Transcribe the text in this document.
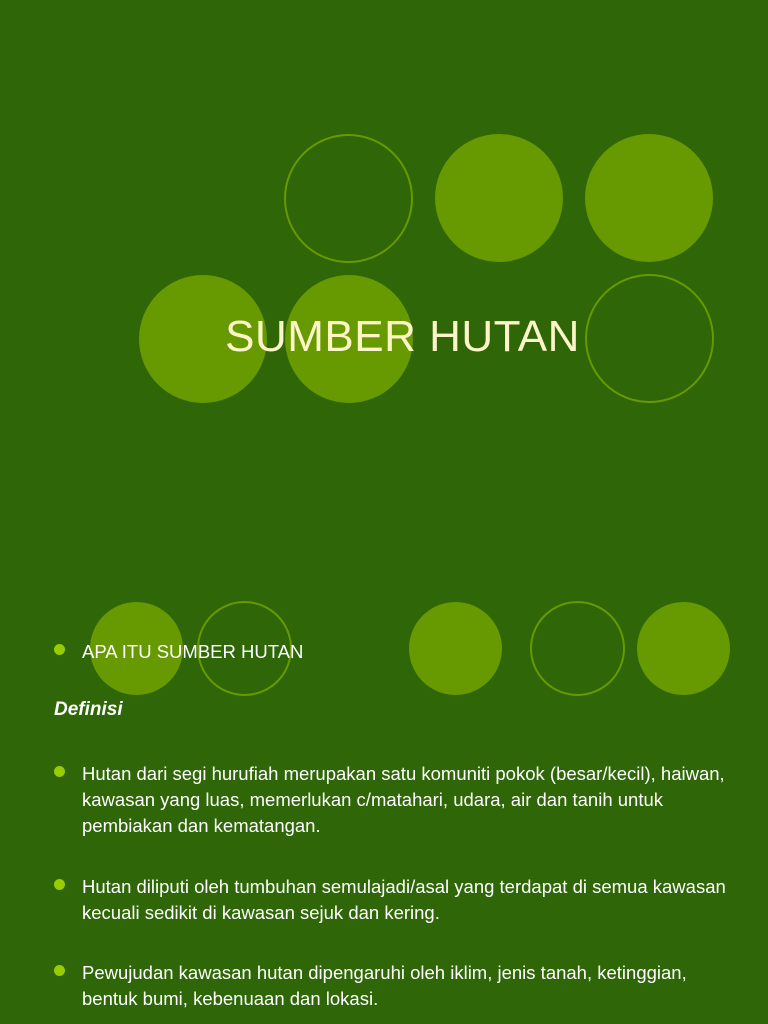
SUMBER HUTAN
APA ITU SUMBER HUTAN
Definisi
Hutan dari segi hurufiah merupakan satu komuniti pokok (besar/kecil), haiwan, kawasan yang luas, memerlukan c/matahari, udara, air dan tanih untuk pembiakan dan kematangan.
Hutan diliputi oleh tumbuhan semulajadi/asal yang terdapat di semua kawasan kecuali sedikit di kawasan sejuk dan kering.
Pewujudan kawasan hutan dipengaruhi oleh iklim, jenis tanah, ketinggian, bentuk bumi, kebenuaan dan lokasi.
